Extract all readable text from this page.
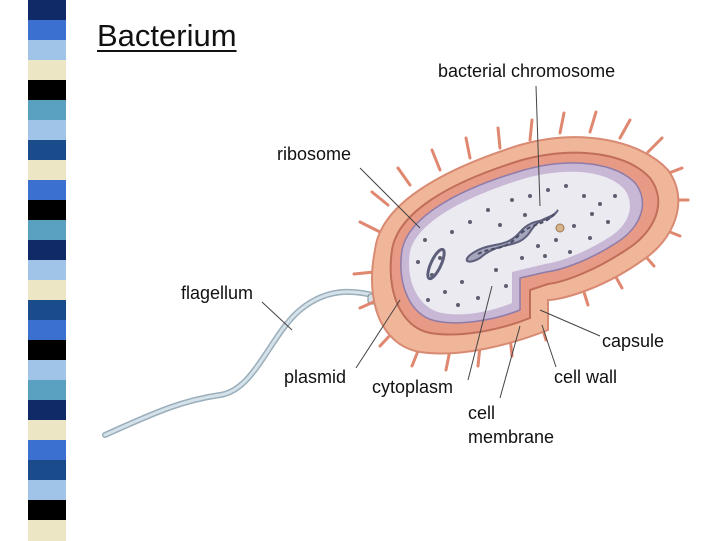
Bacterium
bacterial chromosome
ribosome
flagellum
capsule
plasmid cytoplasm	cell wall
cell
membrane
